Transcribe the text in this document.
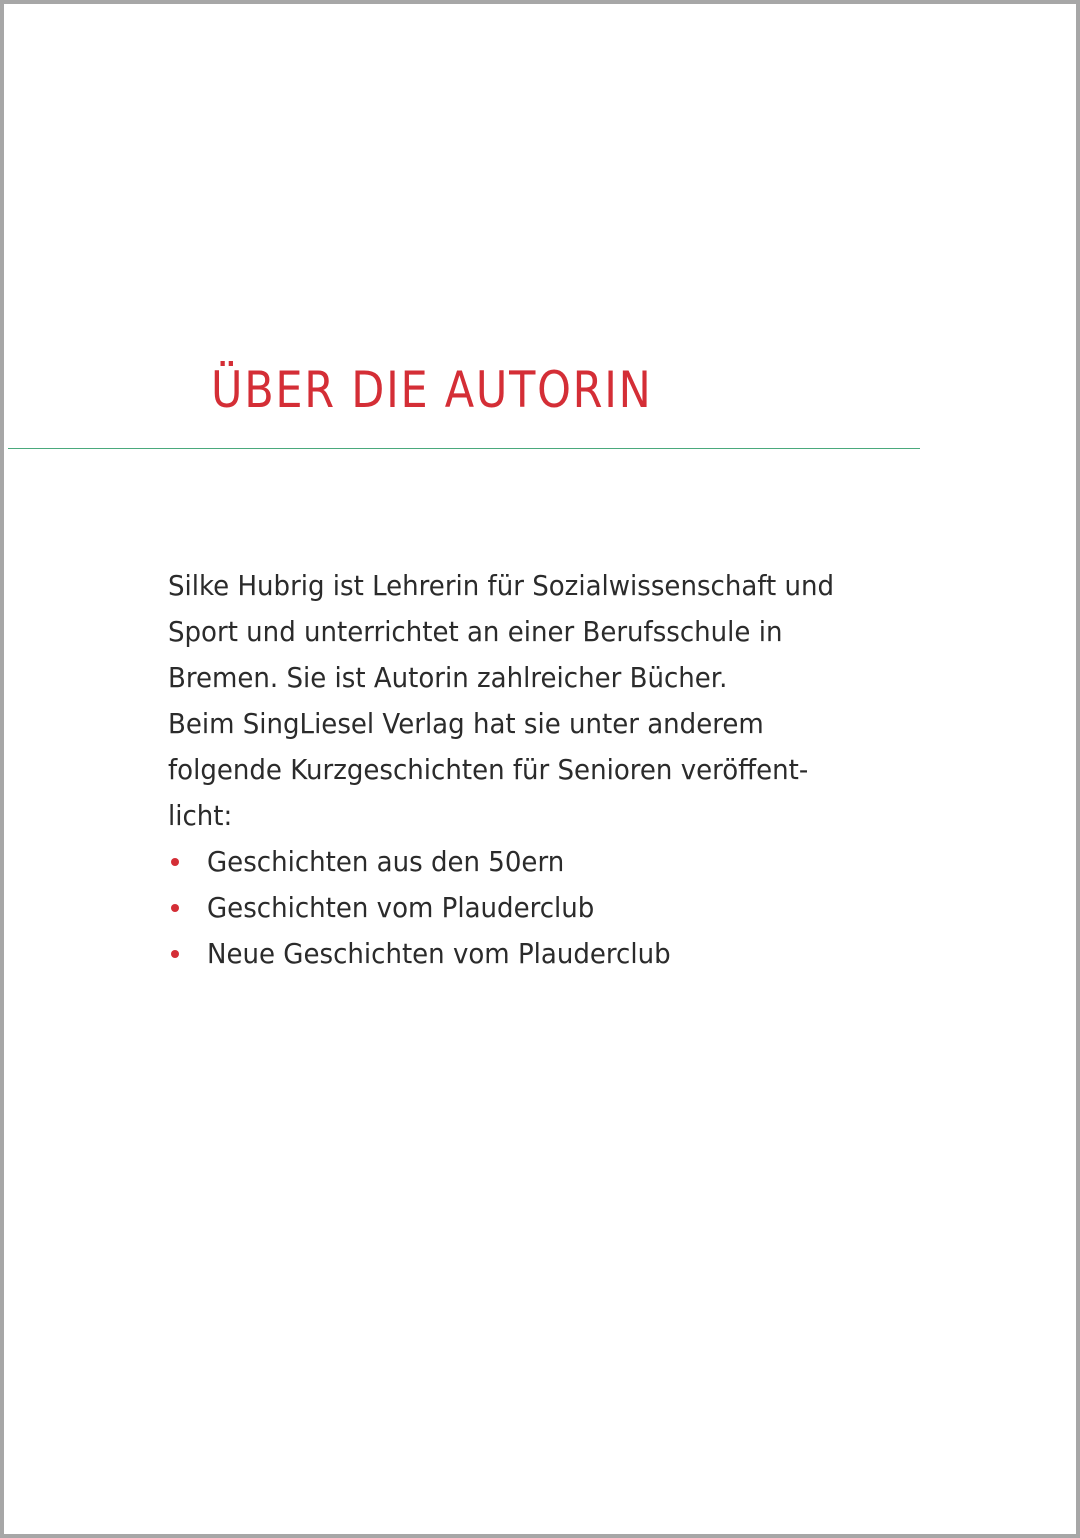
ÜBER DIE AUTORIN
Silke Hubrig ist Lehrerin für Sozialwissenschaft und
Sport und unterrichtet an einer Berufsschule in
Bremen. Sie ist Autorin zahlreicher Bücher.
Beim SingLiesel Verlag hat sie unter anderem
folgende Kurzgeschichten für Senioren veröffent-
licht:
Geschichten aus den 50ern
Geschichten vom Plauderclub
Neue Geschichten vom Plauderclub
